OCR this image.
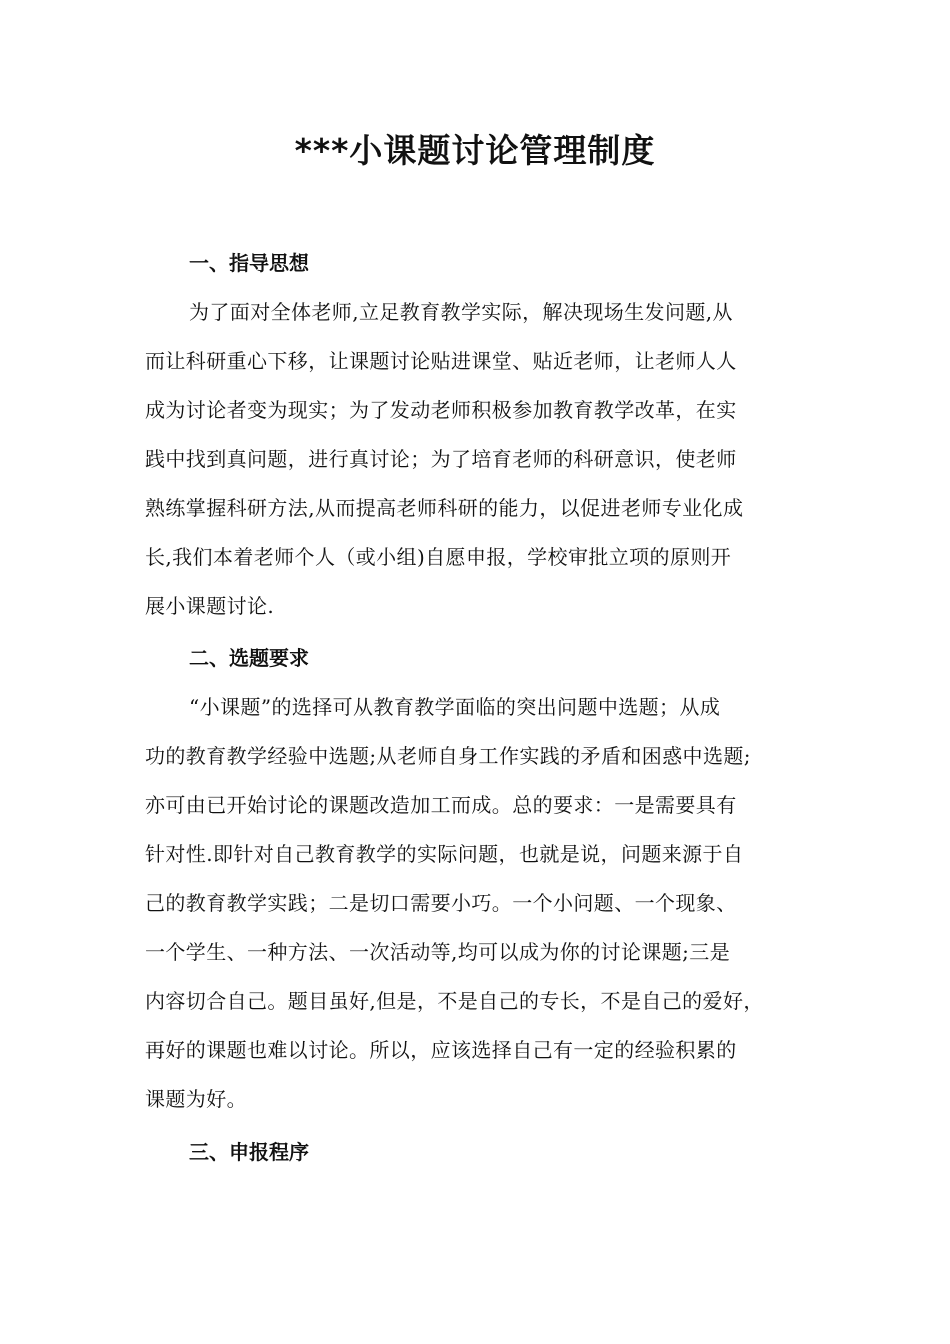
***小课题讨论管理制度
一、指导思想
为了面对全体老师,立足教育教学实际，解决现场生发问题,从
而让科研重心下移，让课题讨论贴进课堂、贴近老师，让老师人人
成为讨论者变为现实；为了发动老师积极参加教育教学改革，在实
践中找到真问题，进行真讨论；为了培育老师的科研意识，使老师
熟练掌握科研方法,从而提高老师科研的能力，以促进老师专业化成
长,我们本着老师个人（或小组)自愿申报，学校审批立项的原则开
展小课题讨论.
二、选题要求
“小课题”的选择可从教育教学面临的突出问题中选题；从成
功的教育教学经验中选题;从老师自身工作实践的矛盾和困惑中选题;
亦可由已开始讨论的课题改造加工而成。总的要求：一是需要具有
针对性.即针对自己教育教学的实际问题，也就是说，问题来源于自
己的教育教学实践；二是切口需要小巧。一个小问题、一个现象、
一个学生、一种方法、一次活动等,均可以成为你的讨论课题;三是
内容切合自己。题目虽好,但是，不是自己的专长，不是自己的爱好，
再好的课题也难以讨论。所以，应该选择自己有一定的经验积累的
课题为好。
三、申报程序
